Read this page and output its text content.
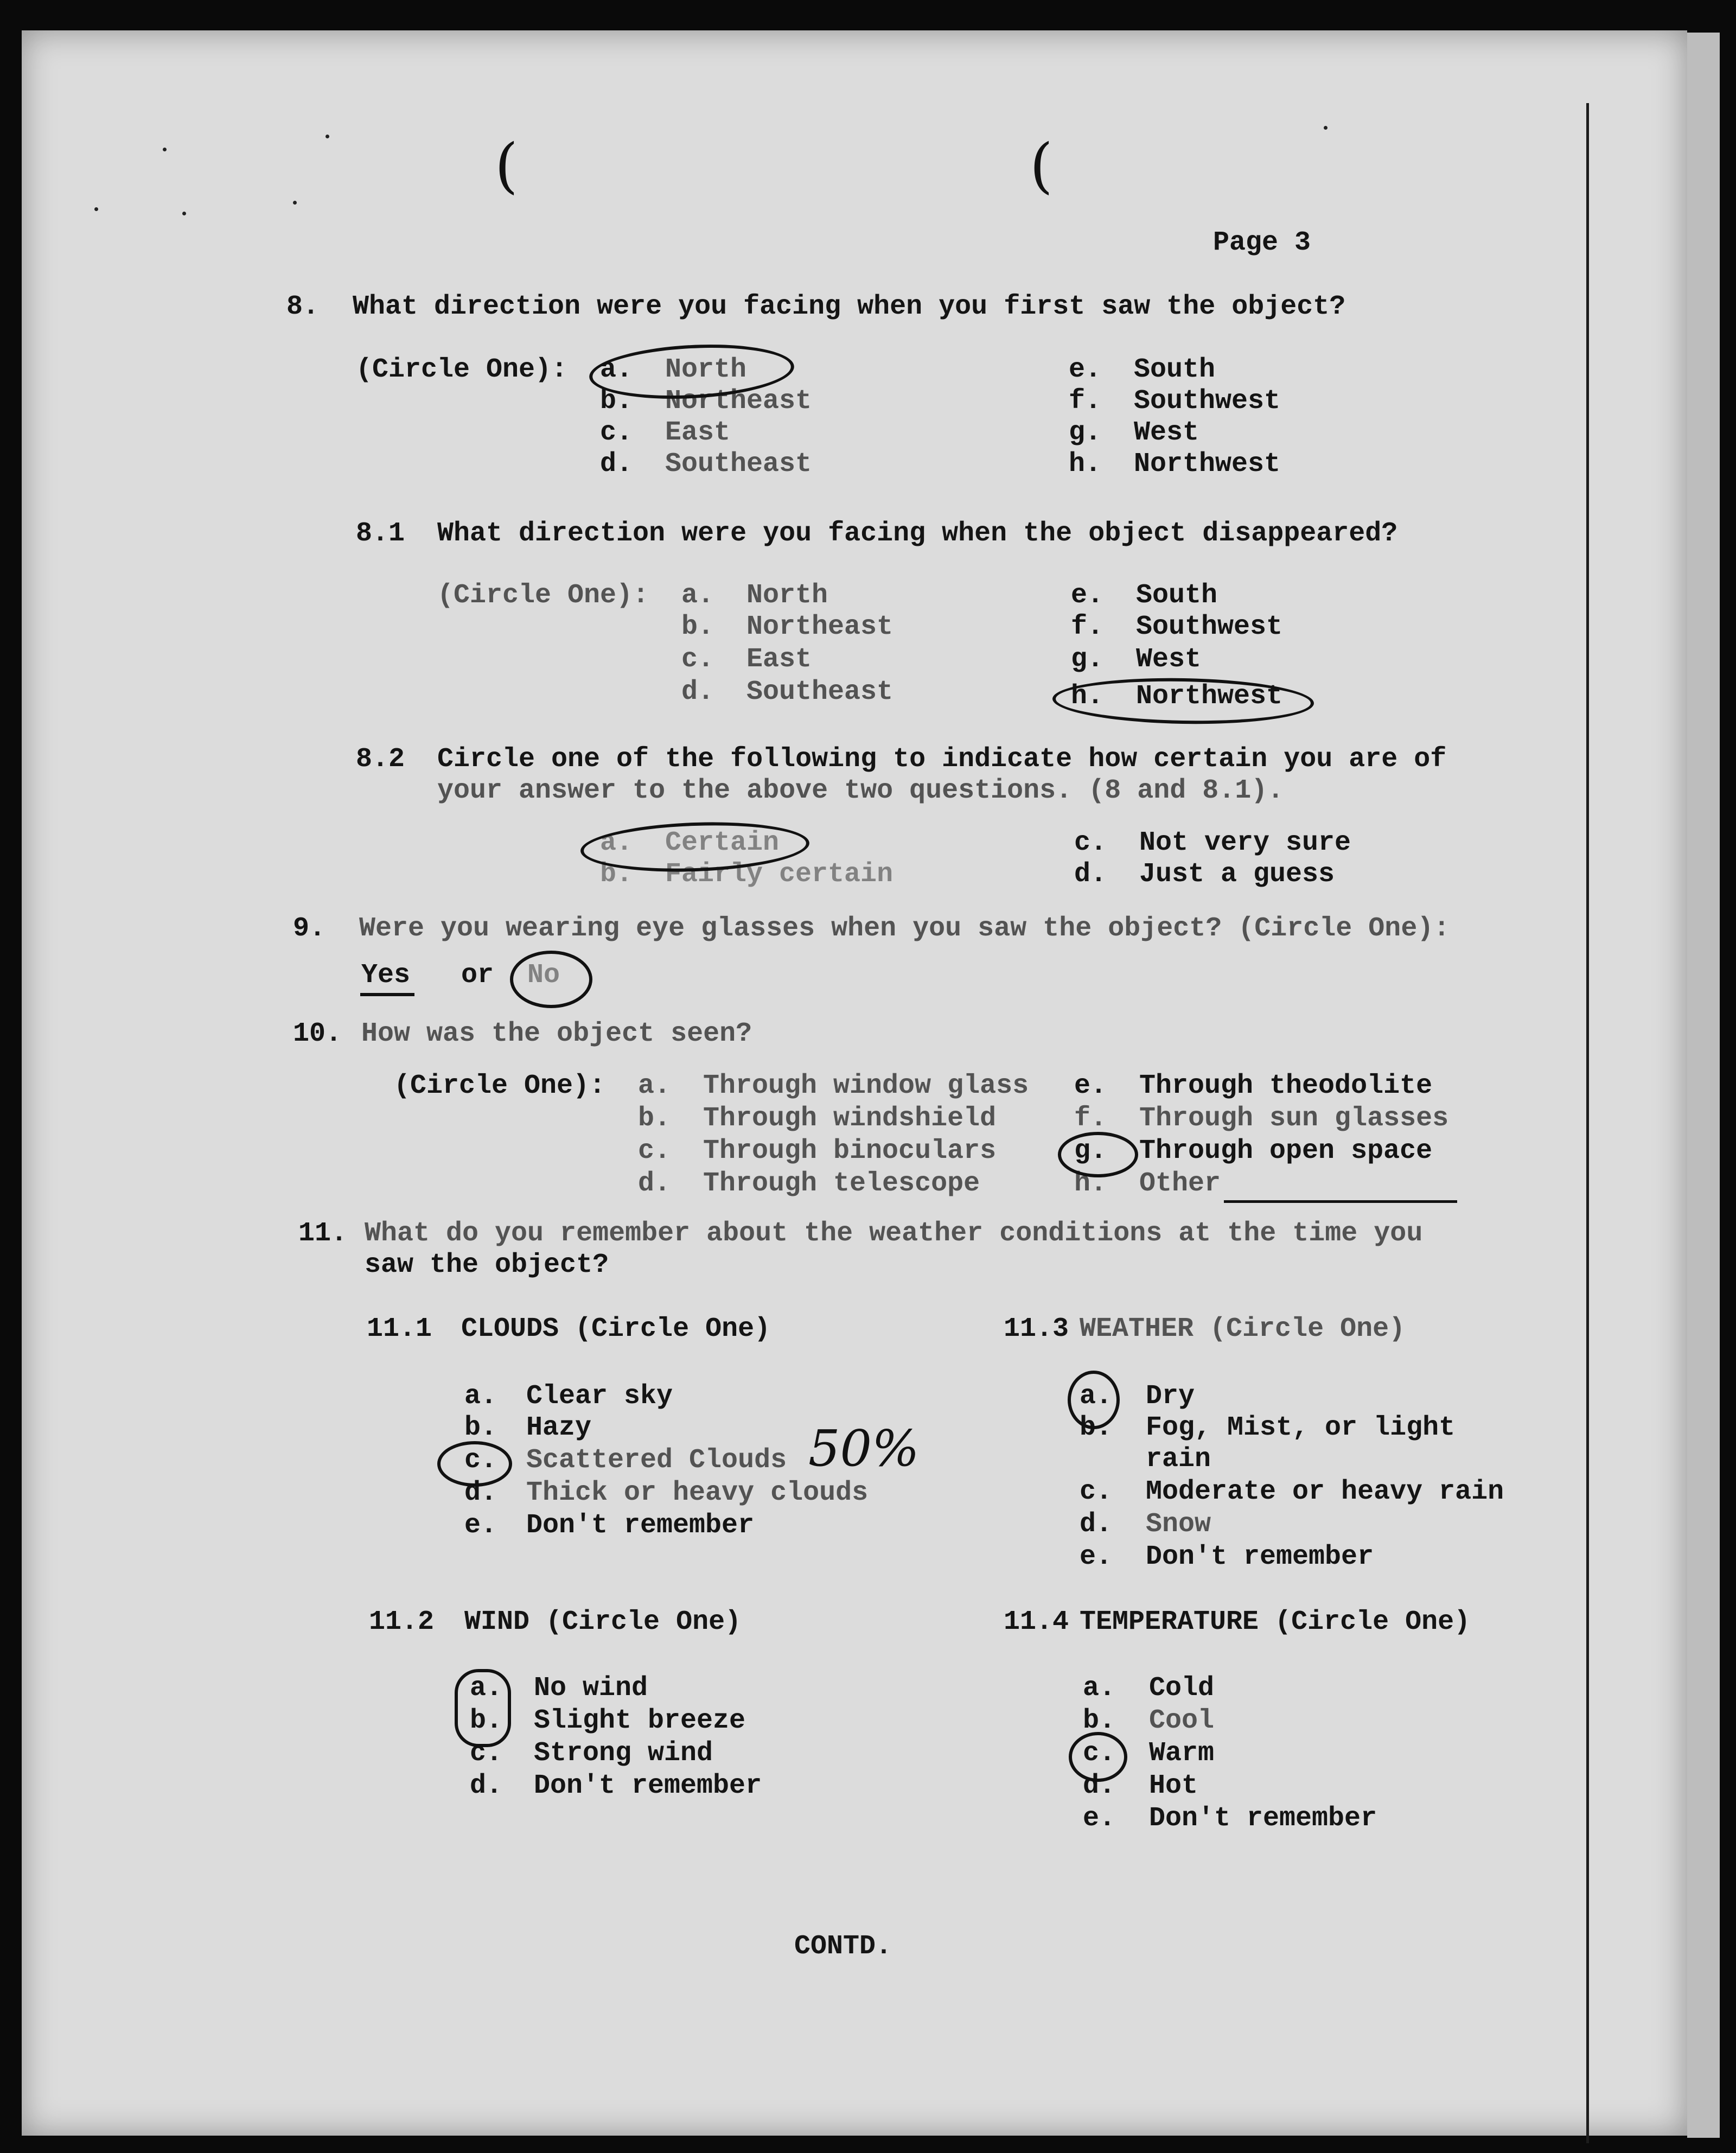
(	(
Page 3
8. What direction were you facing when you first saw the object?
(Circle One): a. North
b. Northeast
c. East
d. Southeast
e. South
f. Southwest
g. West
h. Northwest
8.1 What direction were you facing when the object disappeared?
(Circle One): a. North
b. Northeast
c. East
d. Southeast
e. South
f. Southwest
g. West
h. Northwest
8.2 Circle one of the following to indicate how certain you are of
your answer to the above two questions. (8 and 8.1).
a. Certain
b. Fairly certain
c. Not very sure
d. Just a guess
9. Were you wearing eye glasses when you saw the object? (Circle One):
Yes or No
10. How was the object seen?
(Circle One): a. Through window glass
b. Through windshield
c. Through binoculars
d. Through telescope
e. Through theodolite
f. Through sun glasses
g. Through open space
h. Other
11. What do you remember about the weather conditions at the time you
saw the object?
11.1 CLOUDS (Circle One)
a. Clear sky
b. Hazy
c. Scattered Clouds
d. Thick or heavy clouds
e. Don't remember
50%
11.2 WIND (Circle One)
a. No wind
b. Slight breeze
c. Strong wind
d. Don't remember
11.3 WEATHER (Circle One)
a. Dry
b. Fog, Mist, or light
rain
c. Moderate or heavy rain
d. Snow
e. Don't remember
11.4 TEMPERATURE (Circle One)
a. Cold
b. Cool
c. Warm
d. Hot
e. Don't remember
CONTD.
